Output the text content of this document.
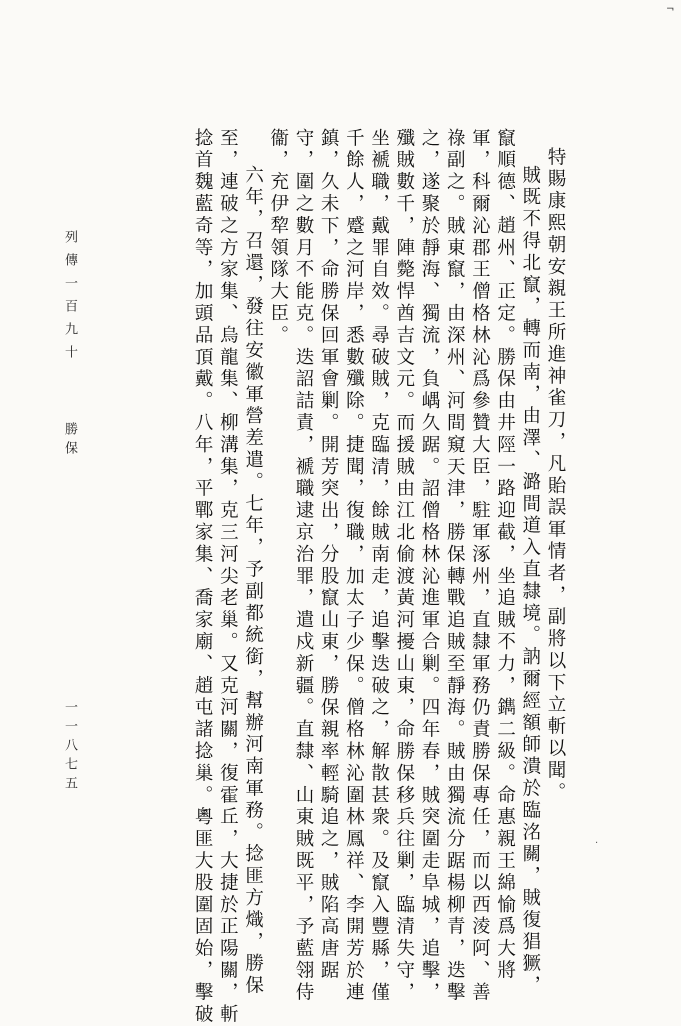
¬

特賜康熙朝安親王所進神雀刀，凡貽誤軍情者，副將以下立斬以聞。

賊既不得北竄，轉而南，由澤、潞間道入直隸境。訥爾經額師潰於臨洺關，賊復猖獗，

竄順德、趙州、正定。勝保由井陘一路迎截，坐追賊不力，鐫二級。命惠親王綿愉爲大將

軍，科爾沁郡王僧格林沁爲參贊大臣，駐軍涿州，直隸軍務仍責勝保專任，而以西淩阿、善

祿副之。賊東竄，由深州、河間窺天津，勝保轉戰追賊至靜海。賊由獨流分踞楊柳青，迭擊

之，遂聚於靜海、獨流，負嵎久踞。詔僧格林沁進軍合剿。四年春，賊突圍走阜城，追擊，

殲賊數千，陣斃悍酋吉文元。而援賊由江北偷渡黃河擾山東，命勝保移兵往剿，臨清失守，

坐褫職，戴罪自效。尋破賊，克臨清，餘賊南走，追擊迭破之，解散甚衆。及竄入豐縣，僅

千餘人，蹙之河岸，悉數殲除。捷聞，復職，加太子少保。僧格林沁圍林鳳祥、李開芳於連

鎮，久未下，命勝保回軍會剿。開芳突出，分股竄山東，勝保親率輕騎追之，賊陷高唐踞

守，圍之數月不能克。迭詔詰責，褫職逮京治罪，遣戍新疆。直隸、山東賊既平，予藍翎侍

衞，充伊犂領隊大臣。

六年，召還，發往安徽軍營差遣。七年，予副都統銜，幫辦河南軍務。捻匪方熾，勝保

至，連破之方家集、烏龍集、柳溝集，克三河尖老巢。又克河關，復霍丘，大捷於正陽關，斬

捻首魏藍奇等，加頭品頂戴。八年，平鄲家集、喬家廟、趙屯諸捻巢。粵匪大股圍固始，擊破

列傳一百九十 勝保
一一八七五
·
